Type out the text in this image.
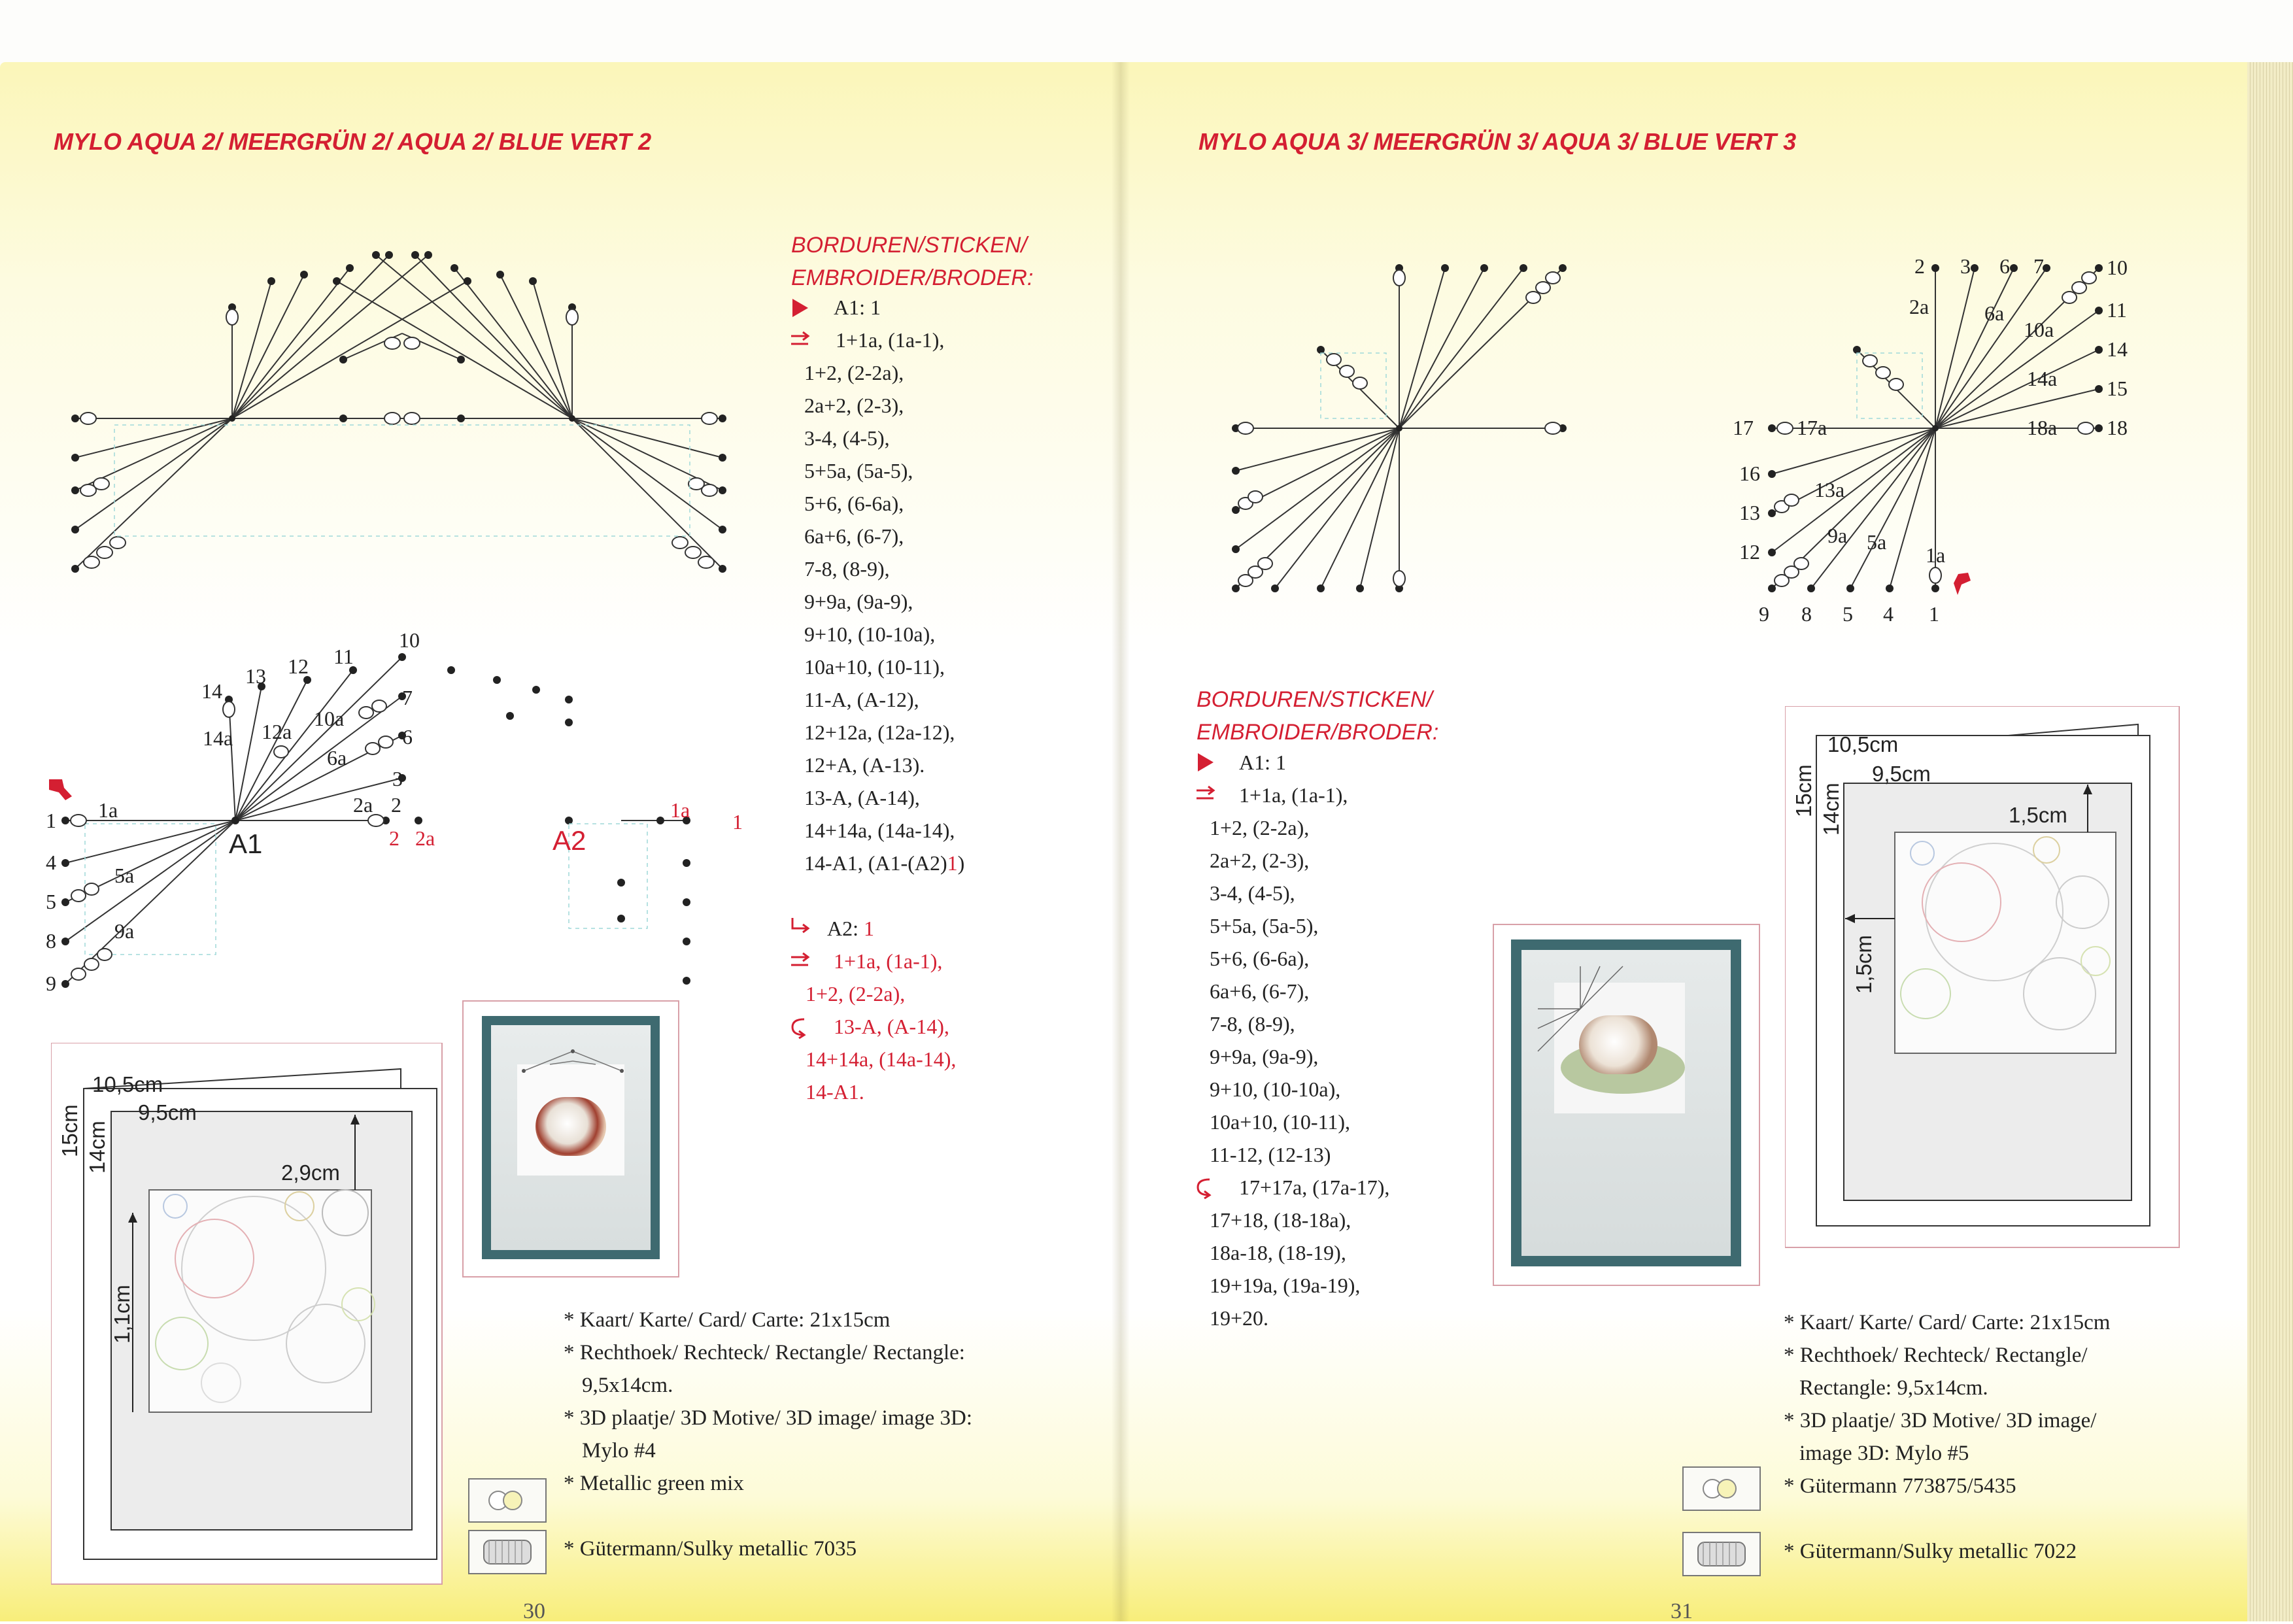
MYLO AQUA 2/ MEERGRÜN 2/ AQUA 2/ BLUE VERT 2
14
13 12 11
10
14a 12a
10a
7
6
6a
3
2a 2
2 2a
1 1a
4
5
5a
8
9
9a
A1	A2
1a 1
BORDUREN/STICKEN/
EMBROIDER/BRODER:
A1: 1
1+1a, (1a-1),
1+2, (2-2a),
2a+2, (2-3),
3-4, (4-5),
5+5a, (5a-5),
5+6, (6-6a),
6a+6, (6-7),
7-8, (8-9),
9+9a, (9a-9),
9+10, (10-10a),
10a+10, (10-11),
11-A, (A-12),
12+12a, (12a-12),
12+A, (A-13).
13-A, (A-14),
14+14a, (14a-14),
14-A1, (A1-(A2)1)
A2: 1
1+1a, (1a-1),
1+2, (2-2a),
13-A, (A-14),
14+14a, (14a-14),
14-A1.
10,5cm
9,5cm
15cm 14cm	2,9cm
1,1cm	* Kaart/ Karte/ Card/ Carte: 21x15cm
* Rechthoek/ Rechteck/ Rectangle/ Rectangle:
9,5x14cm.
* 3D plaatje/ 3D Motive/ 3D image/ image 3D:
Mylo #4
* Metallic green mix
* Gütermann/Sulky metallic 7035
30
MYLO AQUA 3/ MEERGRÜN 3/ AQUA 3/ BLUE VERT 3
2 3 6 7	10
11
14
15
18
2a	6a
10a
14a
18a
17a
13a
9a 5a
1a
17
16
13
12
9 8 5 4 1
BORDUREN/STICKEN/
EMBROIDER/BRODER:
A1: 1
1+1a, (1a-1),
1+2, (2-2a),
2a+2, (2-3),
3-4, (4-5),
5+5a, (5a-5),
5+6, (6-6a),
6a+6, (6-7),
7-8, (8-9),
9+9a, (9a-9),
9+10, (10-10a),
10a+10, (10-11),
11-12, (12-13)
17+17a, (17a-17),
17+18, (18-18a),
18a-18, (18-19),
19+19a, (19a-19),
19+20.
10,5cm
9,5cm
15cm 14cm	1,5cm
1,5cm
* Kaart/ Karte/ Card/ Carte: 21x15cm
* Rechthoek/ Rechteck/ Rectangle/
Rectangle: 9,5x14cm.
* 3D plaatje/ 3D Motive/ 3D image/
image 3D: Mylo #5
* Gütermann 773875/5435
* Gütermann/Sulky metallic 7022
31
